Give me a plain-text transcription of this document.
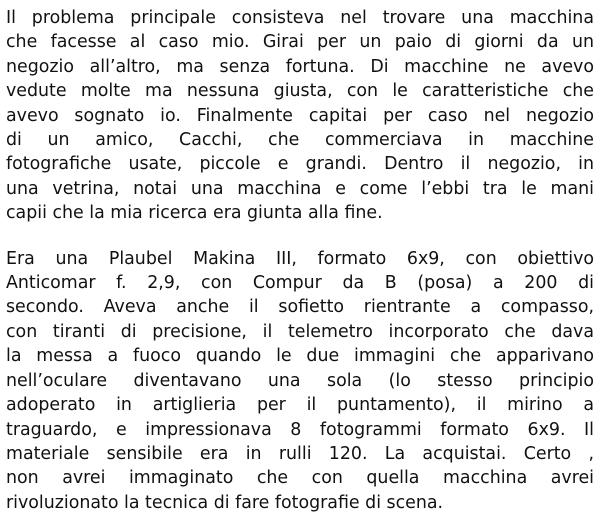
Il problema principale consisteva nel trovare una macchina
che facesse al caso mio. Girai per un paio di giorni da un
negozio all’altro, ma senza fortuna. Di macchine ne avevo
vedute molte ma nessuna giusta, con le caratteristiche che
avevo sognato io. Finalmente capitai per caso nel negozio
di un amico, Cacchi, che commerciava in macchine
fotografiche usate, piccole e grandi. Dentro il negozio, in
una vetrina, notai una macchina e come l’ebbi tra le mani
capii che la mia ricerca era giunta alla fine.

Era una Plaubel Makina III, formato 6x9, con obiettivo
Anticomar f. 2,9, con Compur da B (posa) a 200 di
secondo. Aveva anche il sofietto rientrante a compasso,
con tiranti di precisione, il telemetro incorporato che dava
la messa a fuoco quando le due immagini che apparivano
nell’oculare diventavano una sola (lo stesso principio
adoperato in artiglieria per il puntamento), il mirino a
traguardo, e impressionava 8 fotogrammi formato 6x9. Il
materiale sensibile era in rulli 120. La acquistai. Certo ,
non avrei immaginato che con quella macchina avrei
rivoluzionato la tecnica di fare fotografie di scena.
